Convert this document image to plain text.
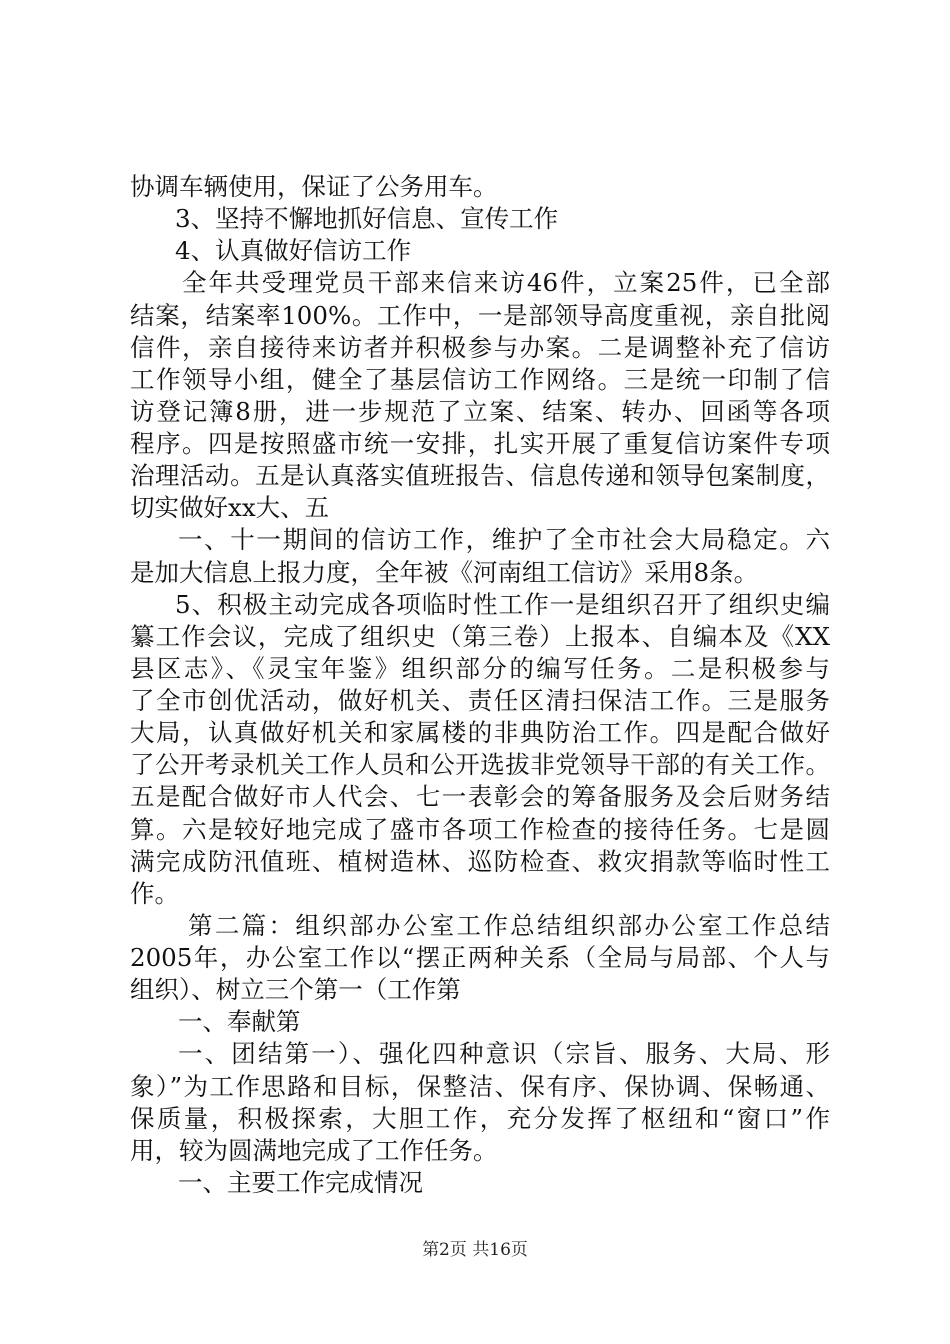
协调车辆使用，保证了公务用车。
3、坚持不懈地抓好信息、宣传工作
4、认真做好信访工作
全年共受理党员干部来信来访46件，立案25件，已全部
结案，结案率100%。工作中，一是部领导高度重视，亲自批阅
信件，亲自接待来访者并积极参与办案。二是调整补充了信访
工作领导小组，健全了基层信访工作网络。三是统一印制了信
访登记簿8册，进一步规范了立案、结案、转办、回函等各项
程序。四是按照盛市统一安排，扎实开展了重复信访案件专项
治理活动。五是认真落实值班报告、信息传递和领导包案制度，
切实做好xx大、五
一、十一期间的信访工作，维护了全市社会大局稳定。六
是加大信息上报力度，全年被《河南组工信访》采用8条。
5、积极主动完成各项临时性工作一是组织召开了组织史编
纂工作会议，完成了组织史（第三卷）上报本、自编本及《XX
县区志》、《灵宝年鉴》组织部分的编写任务。二是积极参与
了全市创优活动，做好机关、责任区清扫保洁工作。三是服务
大局，认真做好机关和家属楼的非典防治工作。四是配合做好
了公开考录机关工作人员和公开选拔非党领导干部的有关工作。
五是配合做好市人代会、七一表彰会的筹备服务及会后财务结
算。六是较好地完成了盛市各项工作检查的接待任务。七是圆
满完成防汛值班、植树造林、巡防检查、救灾捐款等临时性工
作。
第二篇：组织部办公室工作总结组织部办公室工作总结
2005年，办公室工作以“摆正两种关系（全局与局部、个人与
组织）、树立三个第一（工作第
一、奉献第
一、团结第一）、强化四种意识（宗旨、服务、大局、形
象）”为工作思路和目标，保整洁、保有序、保协调、保畅通、
保质量，积极探索，大胆工作，充分发挥了枢纽和“窗口”作
用，较为圆满地完成了工作任务。
一、主要工作完成情况
第2页 共16页
